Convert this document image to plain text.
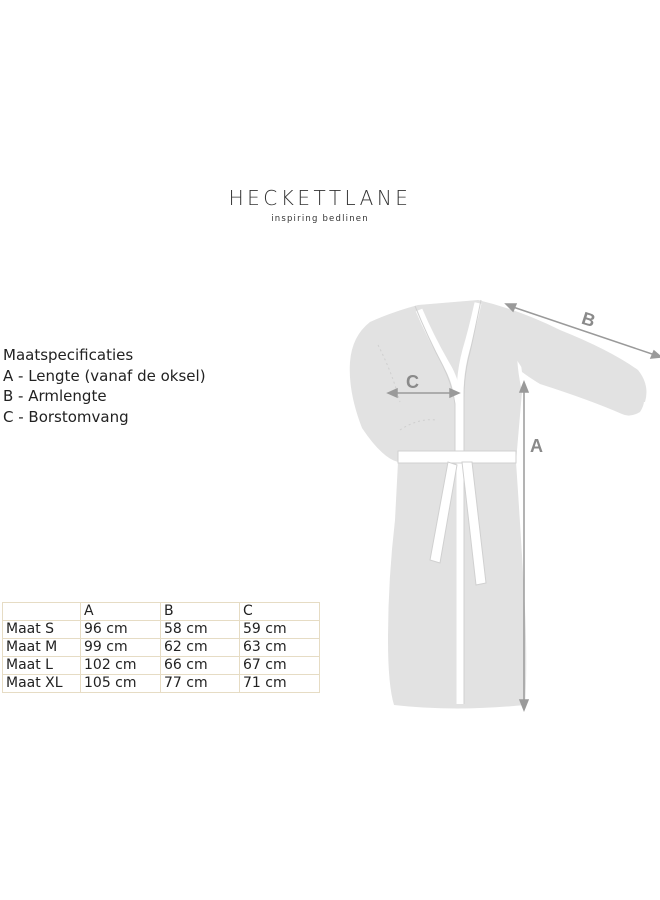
HECKETTLANE
inspiring bedlinen
Maatspecificaties
A - Lengte (vanaf de oksel)
B - Armlengte
C - Borstomvang
A
B
C
	A	B	C
Maat S	96 cm	58 cm	59 cm
Maat M	99 cm	62 cm	63 cm
Maat L	102 cm	66 cm	67 cm
Maat XL	105 cm	77 cm	71 cm
